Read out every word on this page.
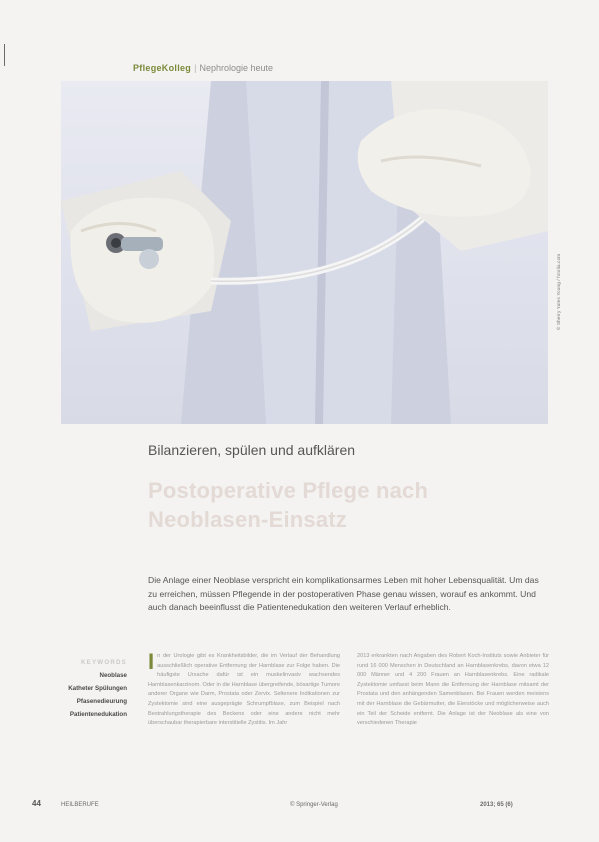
PflegeKolleg | Nephrologie heute
© Sherry Yates Young / fotolia.com
Bilanzieren, spülen und aufklären
Postoperative Pflege nach Neoblasen-Einsatz
Die Anlage einer Neoblase verspricht ein komplikationsarmes Leben mit hoher Lebensqualität. Um das zu erreichen, müssen Pflegende in der postoperativen Phase genau wissen, worauf es ankommt. Und auch danach beeinflusst die Patientenedukation den weiteren Verlauf erheblich.
KEYWORDS
Neoblase
Katheter Spülungen
Pfasenedieurung
Patientenedukation
In der Urologie gibt es Krankheitsbilder, die im Verlauf der Behandlung ausschließlich operative Entfernung der Harnblase zur Folge haben. Die häufigste Ursache dafür ist ein muskelinvasiv wachsendes Harnblasenkarzinom. Oder in die Harnblase übergreifende, bösartige Tumore anderer Organe wie Darm, Prostata oder Zervix. Seltenere Indikationen zur Zystektomie sind eine ausgeprägte Schrumpfblase, zum Beispiel nach Bestrahlungstherapie des Beckens oder eine andere nicht mehr überschaubar therapierbare interstitielle Zystitis. Im Jahr
2013 erkrankten nach Angaben des Robert Koch-Instituts sowie Anbieter für rund 16 000 Menschen in Deutschland an Harnblasenkrebs, davon etwa 12 000 Männer und 4 200 Frauen an Harnblasenkrebs. Eine radikale Zystektomie umfasst beim Mann die Entfernung der Harnblase mitsamt der Prostata und den anhängenden Samenblasen. Bei Frauen werden meistens mit der Harnblase die Gebärmutter, die Eierstöcke und möglicherweise auch ein Teil der Scheide entfernt. Die Anlage ist der Neoblase als eine von verschiedenen Therapie
44	HEILBERUFE	© Springer-Verlag	2013; 65 (6)
